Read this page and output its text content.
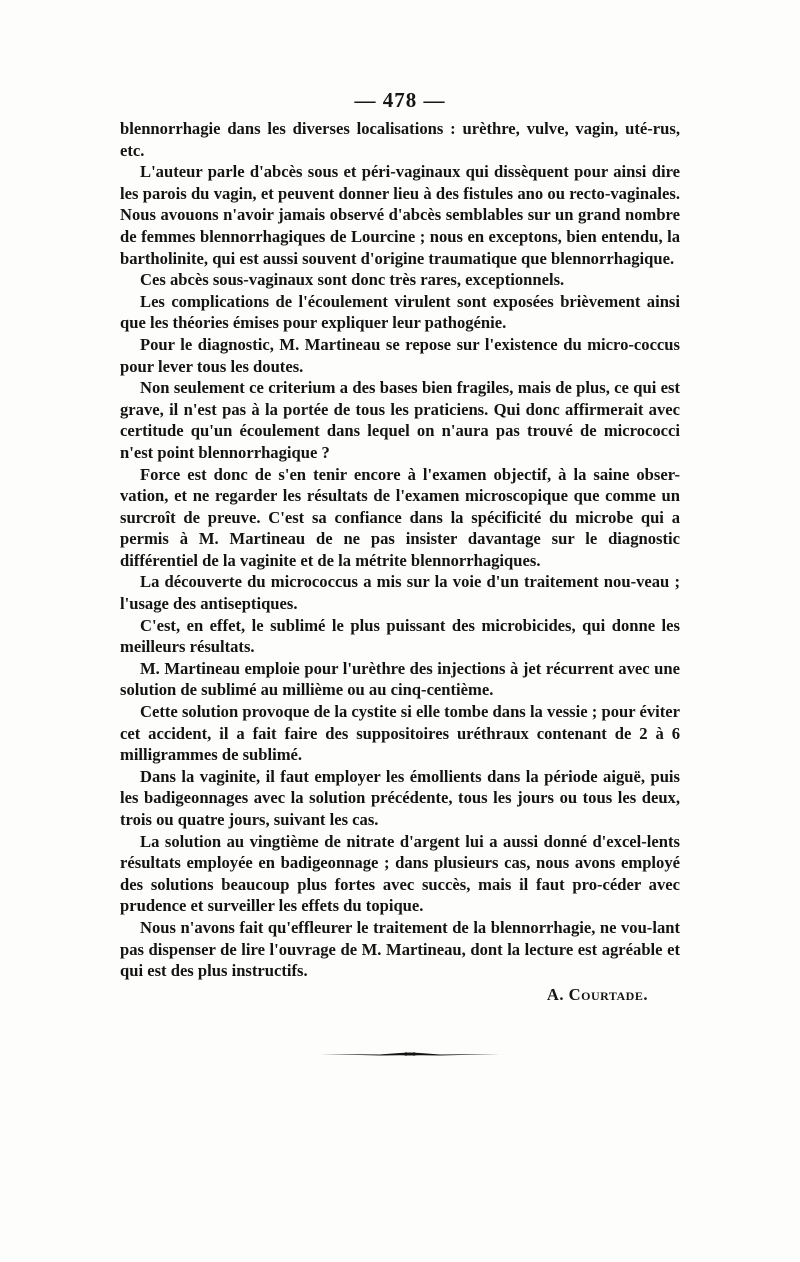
— 478 —

blennorrhagie dans les diverses localisations : urèthre, vulve, vagin, uté-rus, etc.

L'auteur parle d'abcès sous et péri-vaginaux qui dissèquent pour ainsi dire les parois du vagin, et peuvent donner lieu à des fistules ano ou recto-vaginales. Nous avouons n'avoir jamais observé d'abcès semblables sur un grand nombre de femmes blennorrhagiques de Lourcine ; nous en exceptons, bien entendu, la bartholinite, qui est aussi souvent d'origine traumatique que blennorrhagique.

Ces abcès sous-vaginaux sont donc très rares, exceptionnels.

Les complications de l'écoulement virulent sont exposées brièvement ainsi que les théories émises pour expliquer leur pathogénie.

Pour le diagnostic, M. Martineau se repose sur l'existence du micro-coccus pour lever tous les doutes.

Non seulement ce criterium a des bases bien fragiles, mais de plus, ce qui est grave, il n'est pas à la portée de tous les praticiens. Qui donc affirmerait avec certitude qu'un écoulement dans lequel on n'aura pas trouvé de micrococci n'est point blennorrhagique ?

Force est donc de s'en tenir encore à l'examen objectif, à la saine obser-vation, et ne regarder les résultats de l'examen microscopique que comme un surcroît de preuve. C'est sa confiance dans la spécificité du microbe qui a permis à M. Martineau de ne pas insister davantage sur le diagnostic différentiel de la vaginite et de la métrite blennorrhagiques.

La découverte du micrococcus a mis sur la voie d'un traitement nou-veau ; l'usage des antiseptiques.

C'est, en effet, le sublimé le plus puissant des microbicides, qui donne les meilleurs résultats.

M. Martineau emploie pour l'urèthre des injections à jet récurrent avec une solution de sublimé au millième ou au cinq-centième.

Cette solution provoque de la cystite si elle tombe dans la vessie ; pour éviter cet accident, il a fait faire des suppositoires uréthraux contenant de 2 à 6 milligrammes de sublimé.

Dans la vaginite, il faut employer les émollients dans la période aiguë, puis les badigeonnages avec la solution précédente, tous les jours ou tous les deux, trois ou quatre jours, suivant les cas.

La solution au vingtième de nitrate d'argent lui a aussi donné d'excel-lents résultats employée en badigeonnage ; dans plusieurs cas, nous avons employé des solutions beaucoup plus fortes avec succès, mais il faut pro-céder avec prudence et surveiller les effets du topique.

Nous n'avons fait qu'effleurer le traitement de la blennorrhagie, ne vou-lant pas dispenser de lire l'ouvrage de M. Martineau, dont la lecture est agréable et qui est des plus instructifs.

A. Courtade.
